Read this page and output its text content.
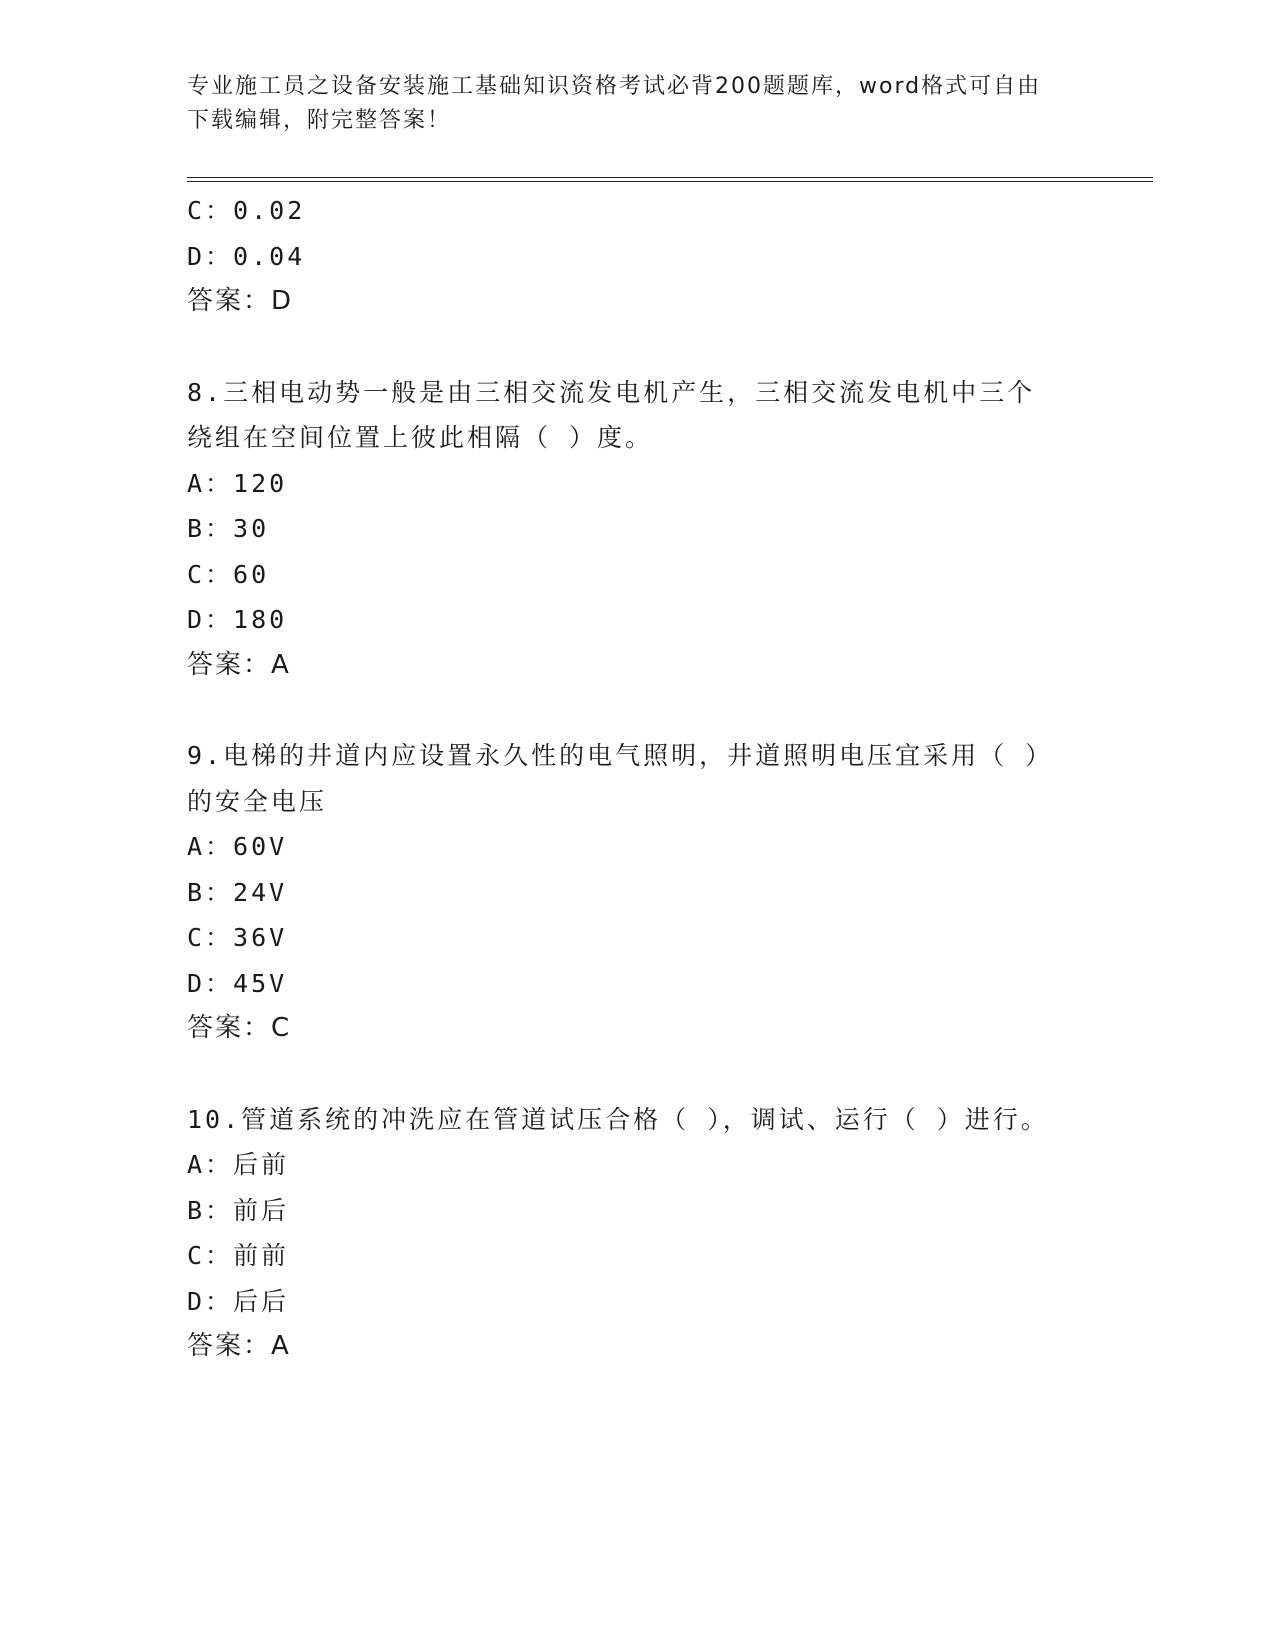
专业施工员之设备安装施工基础知识资格考试必背200题题库，word格式可自由
下载编辑，附完整答案！
C：0.02
D：0.04
答案：D
8.三相电动势一般是由三相交流发电机产生，三相交流发电机中三个
绕组在空间位置上彼此相隔（ ）度。
A：120
B：30
C：60
D：180
答案：A
9.电梯的井道内应设置永久性的电气照明，井道照明电压宜采用（ ）
的安全电压
A：60V
B：24V
C：36V
D：45V
答案：C
10.管道系统的冲洗应在管道试压合格（ ），调试、运行（ ）进行。
A：后前
B：前后
C：前前
D：后后
答案：A
